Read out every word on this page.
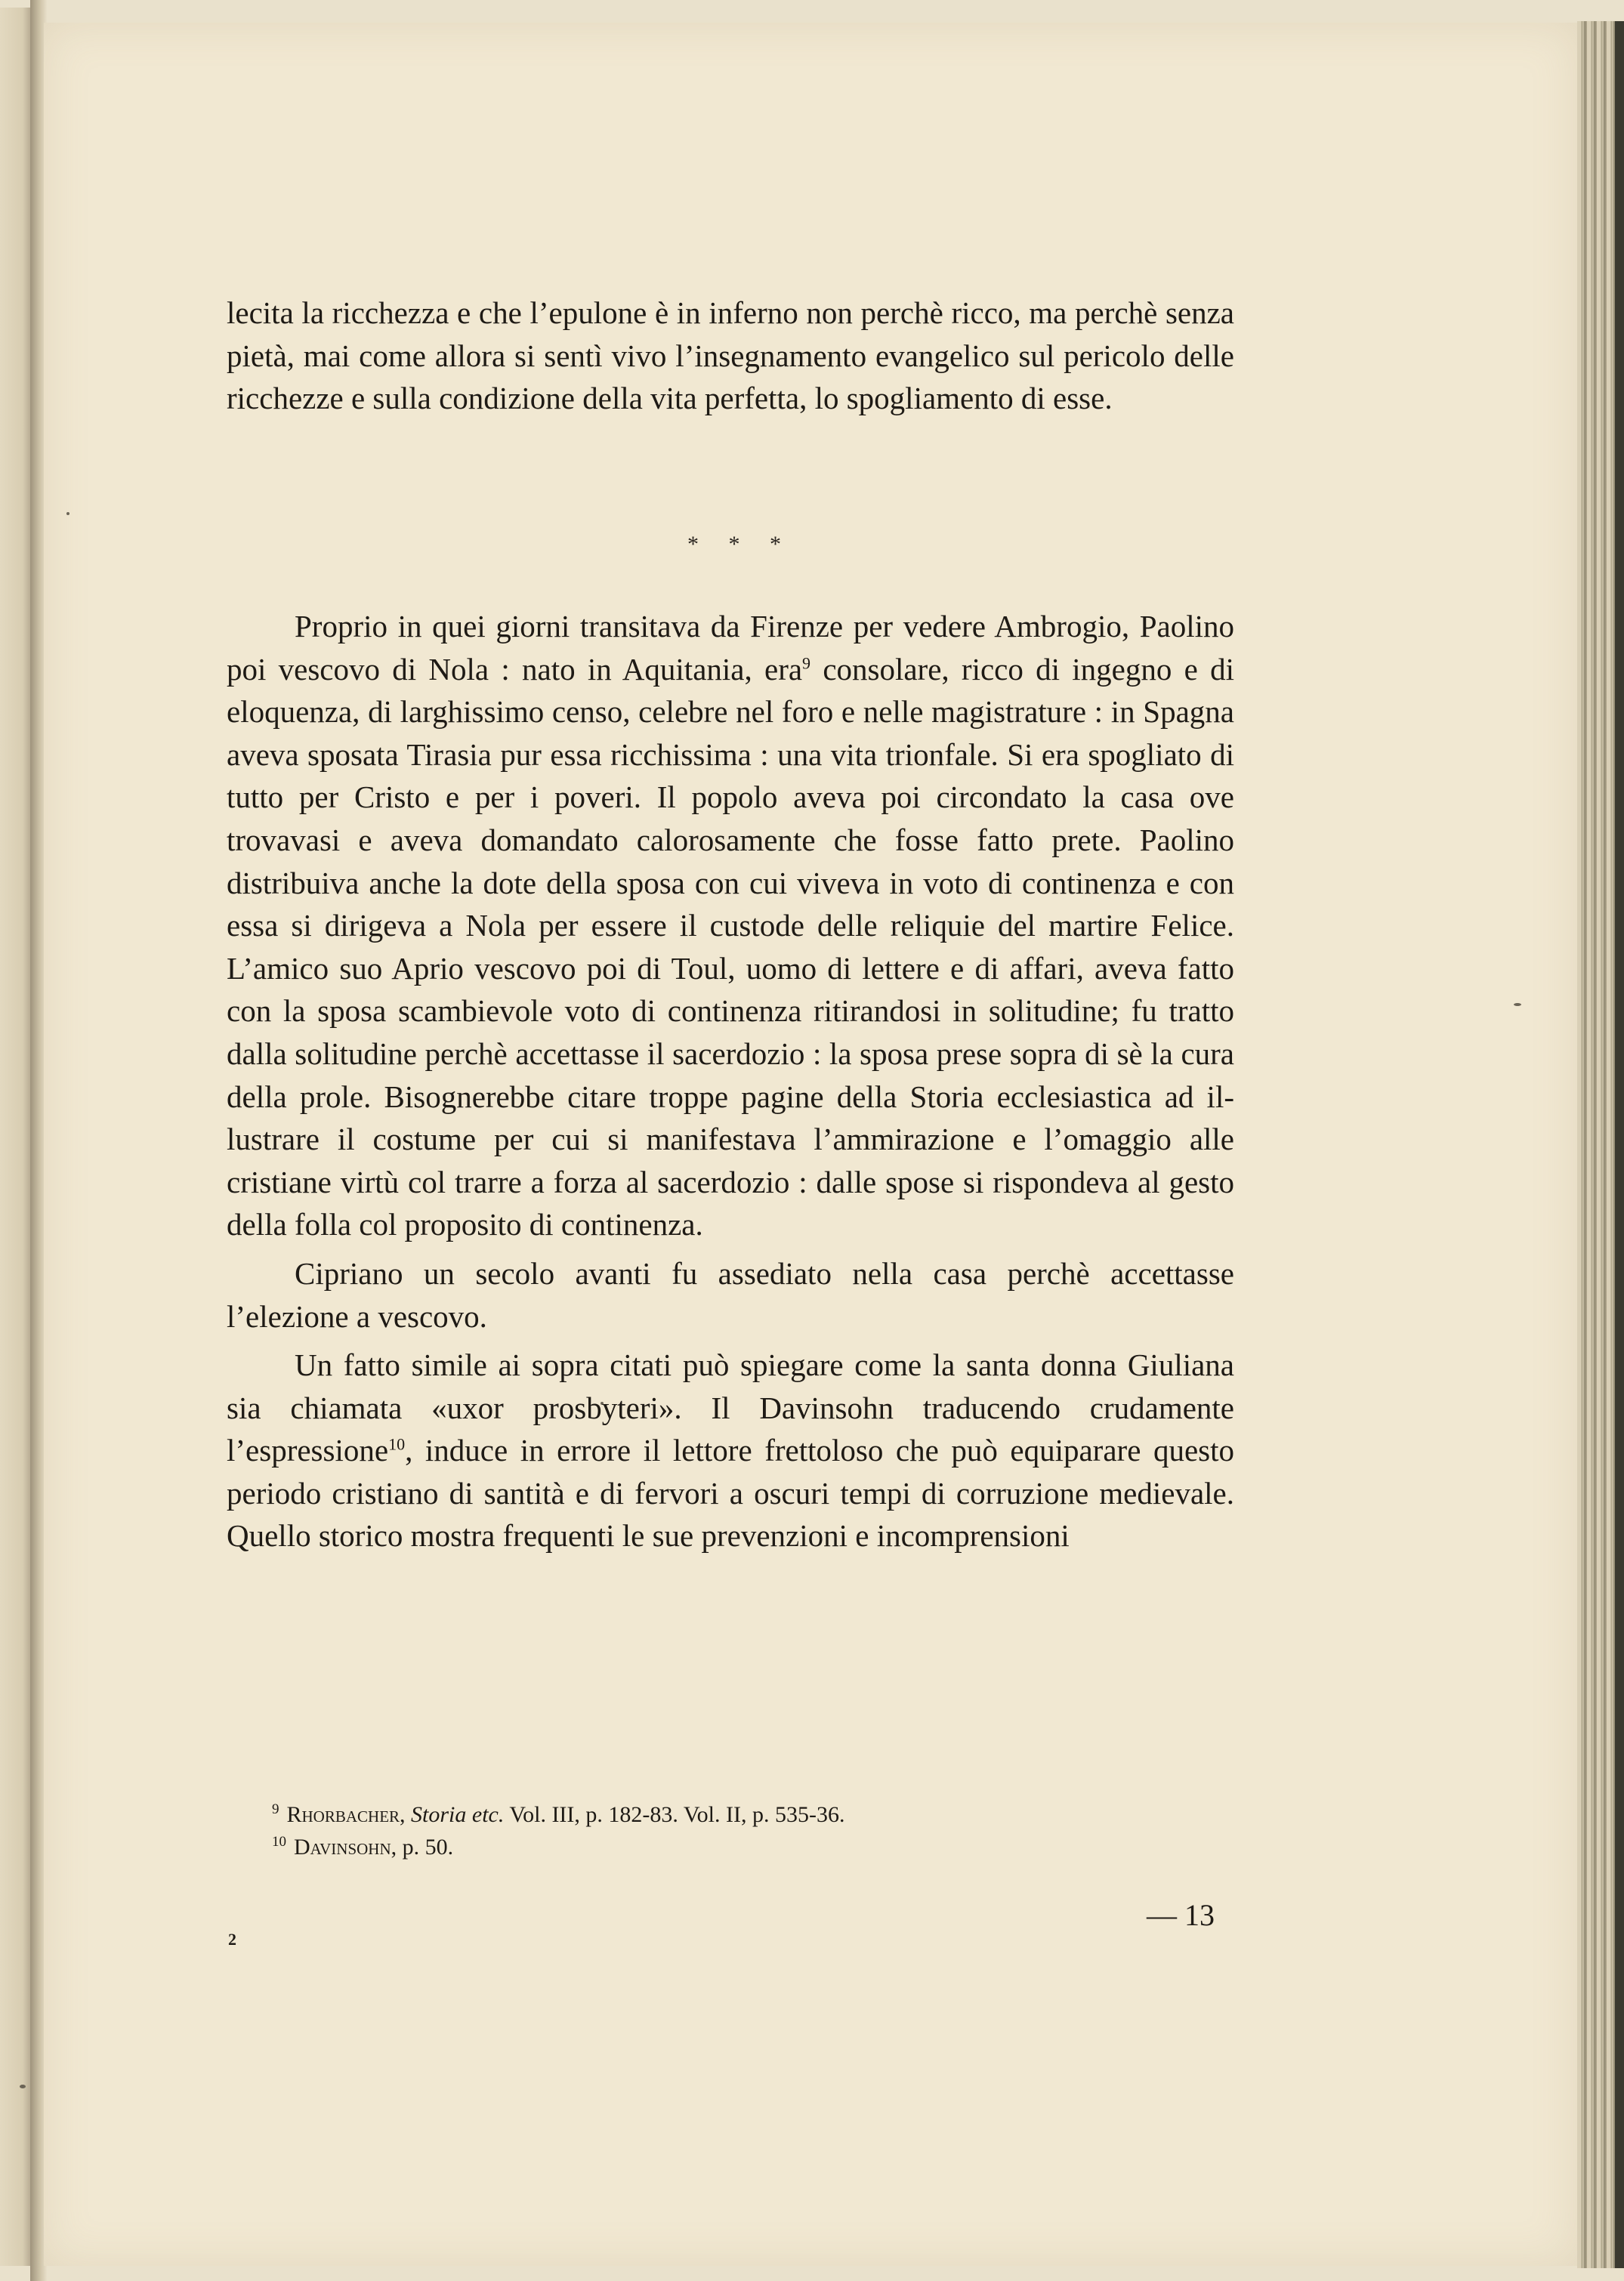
lecita la ricchezza e che l’epulone è in inferno non perchè ricco, ma perchè senza pietà, mai come allora si sentì vivo l’insegnamento evangelico sul pericolo delle ricchezze e sulla condizione della vita perfetta, lo spogliamento di esse.

* * *

Proprio in quei giorni transitava da Firenze per vedere Ambrogio, Paolino poi vescovo di Nola : nato in Aquitania, era$^9$ consolare, ricco di ingegno e di eloquenza, di larghissimo censo, celebre nel foro e nelle magistrature : in Spagna aveva sposata Tirasia pur essa ricchissima : una vita trionfale. Si era spogliato di tutto per Cristo e per i poveri. Il popolo aveva poi circondato la casa ove trovavasi e aveva domandato calorosamente che fosse fatto prete. Paolino distribuiva anche la dote della sposa con cui viveva in voto di continenza e con essa si dirigeva a Nola per essere il custode delle reliquie del martire Felice. L’amico suo Aprio vescovo poi di Toul, uomo di lettere e di affari, aveva fatto con la sposa scambievole voto di continenza ritirandosi in solitudine; fu tratto dalla solitudine perchè accettasse il sacerdozio : la sposa prese sopra di sè la cura della prole. Bisognerebbe citare troppe pagine della Storia ecclesiastica ad illustrare il costume per cui si manifestava l’ammirazione e l’omaggio alle cristiane virtù col trarre a forza al sacerdozio : dalle spose si rispondeva al gesto della folla col proposito di continenza.

Cipriano un secolo avanti fu assediato nella casa perchè accettasse l’elezione a vescovo.

Un fatto simile ai sopra citati può spiegare come la santa donna Giuliana sia chiamata «uxor prosbyteri». Il Davinsohn traducendo crudamente l’espressione$^{10}$, induce in errore il lettore frettoloso che può equiparare questo periodo cristiano di santità e di fervori a oscuri tempi di corruzione medievale. Quello storico mostra frequenti le sue prevenzioni e incomprensioni

$^9$ Rhorbacher, Storia etc. Vol. III, p. 182-83. Vol. II, p. 535-36.
$^{10}$ Davinsohn, p. 50.
— 13
2
